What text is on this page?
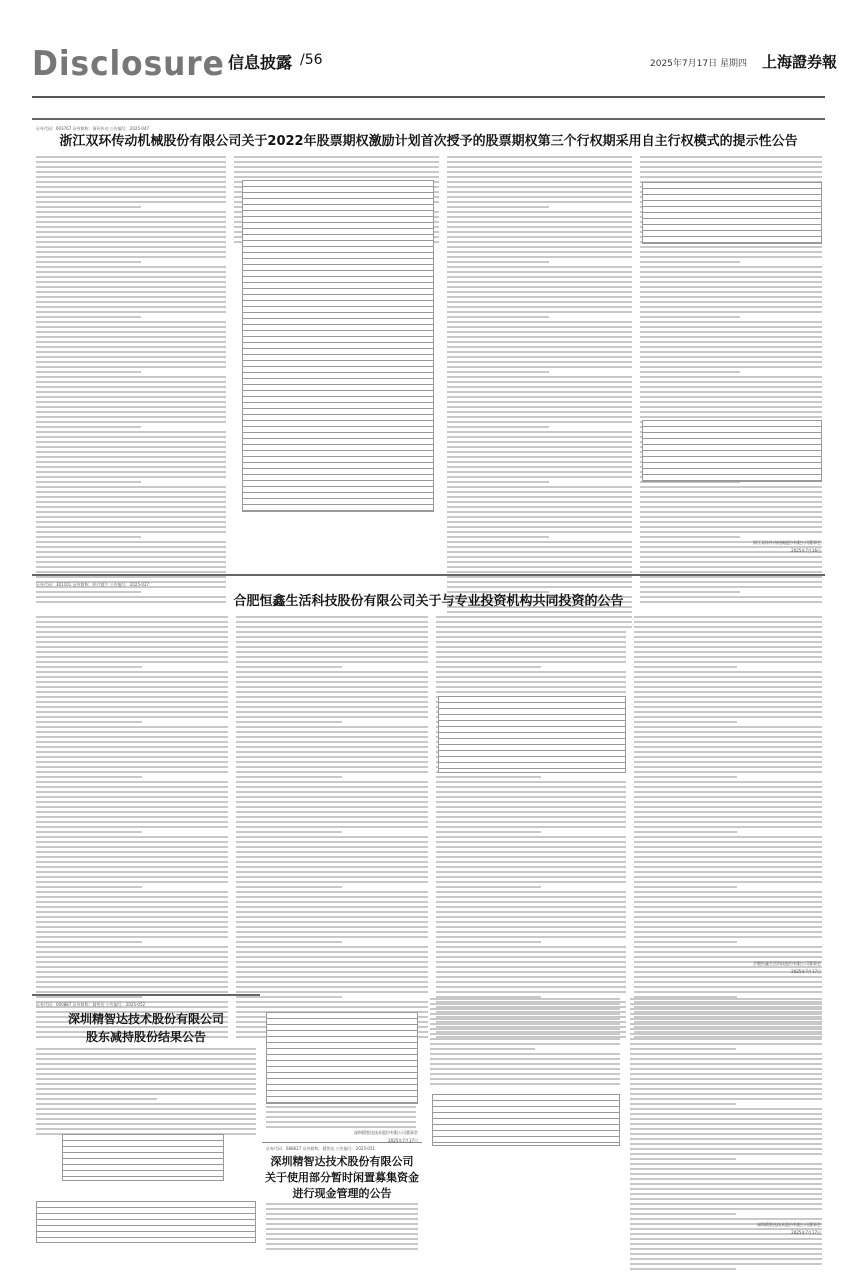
Disclosure 信息披露 /56	2025年7月17日 星期四 上海證券報
证券代码：603767 证券简称：浙环传动 公告编号：2025-047
浙江双环传动机械股份有限公司关于2022年股票期权激励计划首次授予的股票期权第三个行权期采用自主行权模式的提示性公告
浙江双环传动机械股份有限公司董事会
2025年7月16日
证券代码：301101 证券简称：明月镜片 公告编号：2025-027
合肥恒鑫生活科技股份有限公司关于与专业投资机构共同投资的公告
合肥恒鑫生活科技股份有限公司董事会
2025年7月17日
证券代码：000887 证券简称：精智达 公告编号：2025-052
深圳精智达技术股份有限公司
股东减持股份结果公告
深圳精智达技术股份有限公司董事会
2025年7月17日
证券代码：688627 证券简称：精智达 公告编号：2025-051
深圳精智达技术股份有限公司
关于使用部分暂时闲置募集资金
进行现金管理的公告
深圳精智达技术股份有限公司董事会
2025年7月17日
